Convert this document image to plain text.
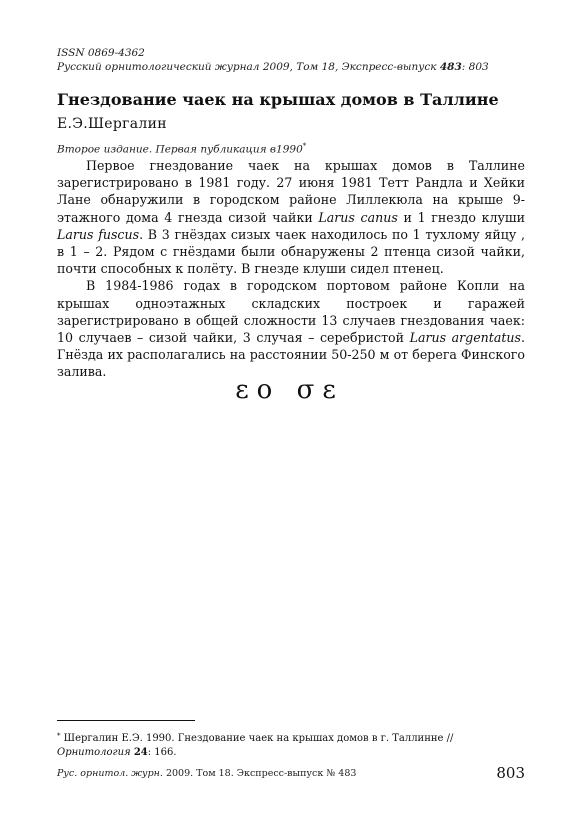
ISSN 0869-4362
Русский орнитологический журнал 2009, Том 18, Экспресс-выпуск 483: 803
Гнездование чаек на крышах домов в Таллине
Е.Э.Шергалин
Второе издание. Первая публикация в1990*

Первое гнездование чаек на крышах домов в Таллине зарегистрировано в 1981 году. 27 июня 1981 Тетт Рандла и Хейки Лане обнаружили в городском районе Лиллекюла на крыше 9-этажного дома 4 гнезда сизой чайки Larus canus и 1 гнездо клуши Larus fuscus. В 3 гнёздах сизых чаек находилось по 1 тухлому яйцу , в 1 – 2. Рядом с гнёздами были обнаружены 2 птенца сизой чайки, почти способных к полёту. В гнезде клуши сидел птенец.

В 1984-1986 годах в городском портовом районе Копли на крышах одноэтажных складских построек и гаражей зарегистрировано в общей сложности 13 случаев гнездования чаек: 10 случаев – сизой чайки, 3 случая – серебристой Larus argentatus. Гнёзда их располагались на расстоянии 50-250 м от берега Финского залива.

εο σε
* Шергалин Е.Э. 1990. Гнездование чаек на крышах домов в г. Таллинне //Орнитология 24: 166.
Рус. орнитол. журн. 2009. Том 18. Экспресс-выпуск № 483	803
